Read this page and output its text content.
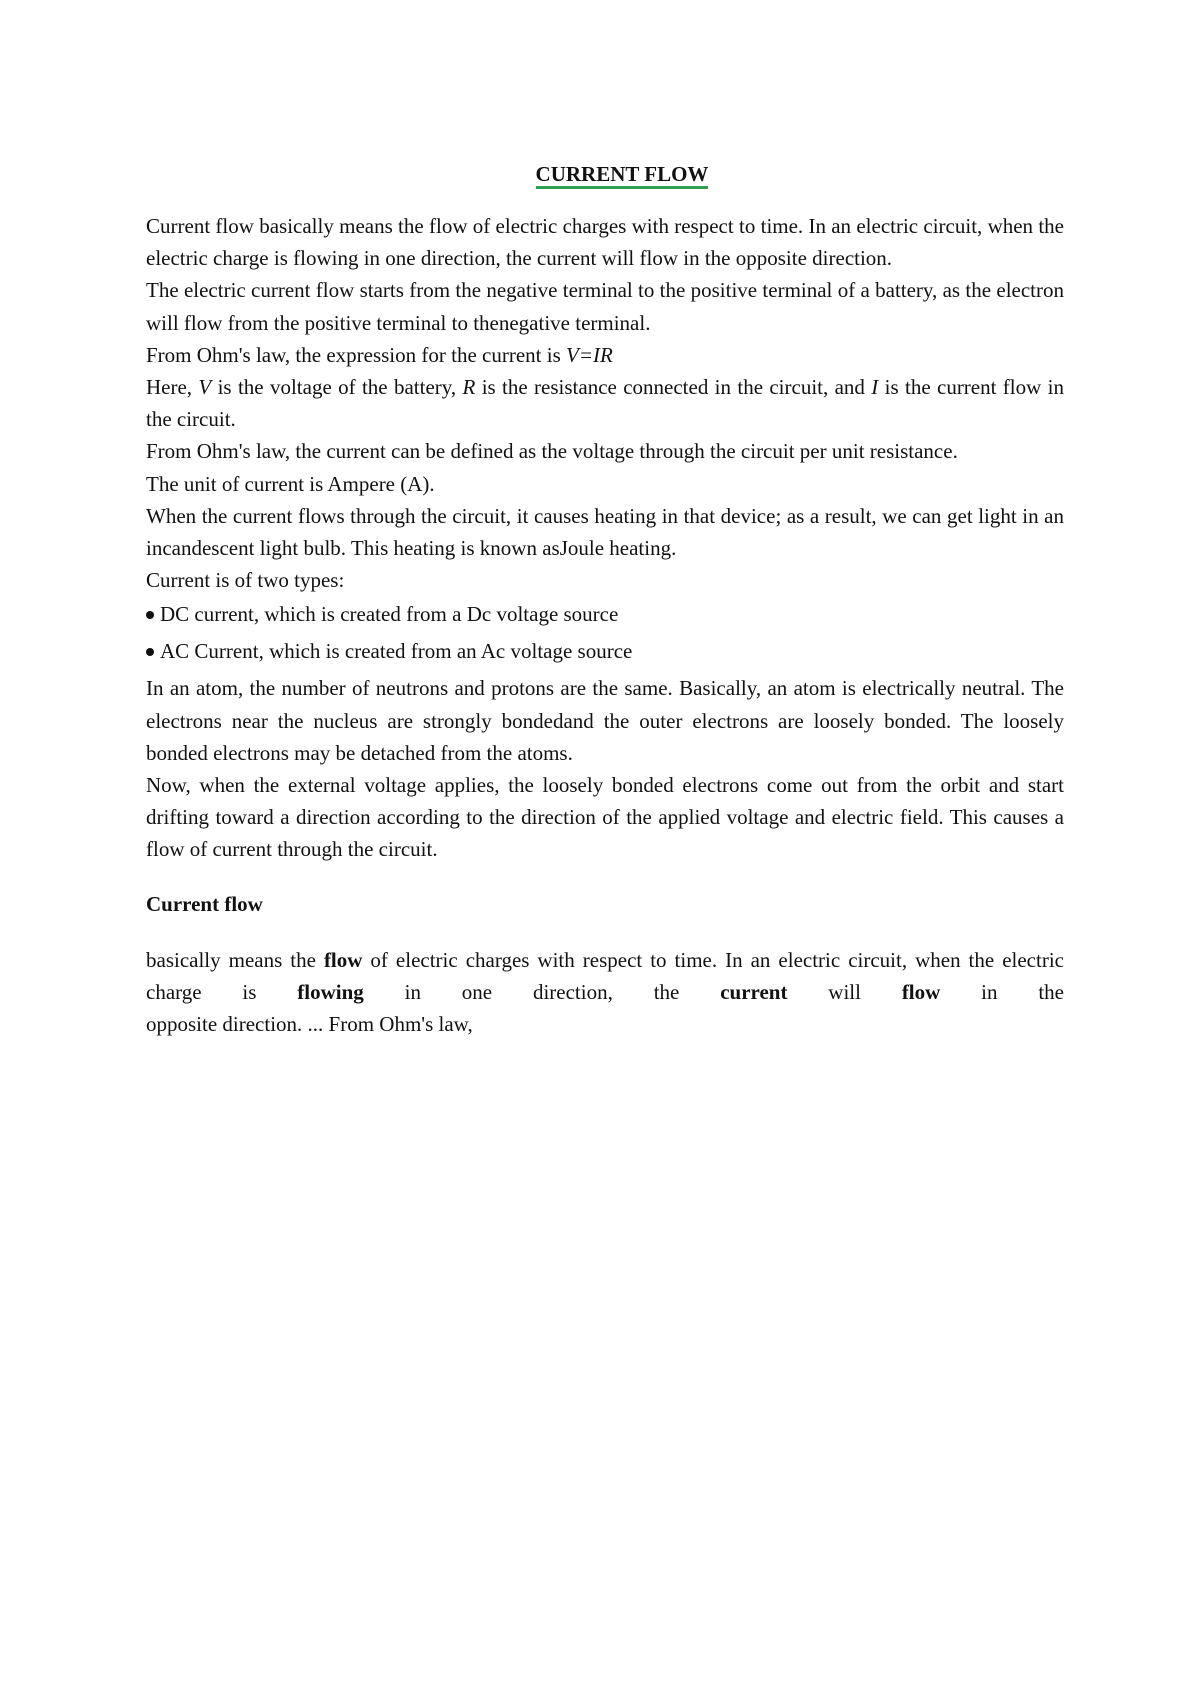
CURRENT FLOW

Current flow basically means the flow of electric charges with respect to time. In an electric circuit, when the electric charge is flowing in one direction, the current will flow in the opposite direction.

The electric current flow starts from the negative terminal to the positive terminal of a battery, as the electron will flow from the positive terminal to thenegative terminal.

From Ohm's law, the expression for the current is V=IR

Here, V is the voltage of the battery, R is the resistance connected in the circuit, and I is the current flow in the circuit.

From Ohm's law, the current can be defined as the voltage through the circuit per unit resistance.

The unit of current is Ampere (A).

When the current flows through the circuit, it causes heating in that device; as a result, we can get light in an incandescent light bulb. This heating is known asJoule heating.

Current is of two types:

DC current, which is created from a Dc voltage source
AC Current, which is created from an Ac voltage source

In an atom, the number of neutrons and protons are the same. Basically, an atom is electrically neutral. The electrons near the nucleus are strongly bondedand the outer electrons are loosely bonded. The loosely bonded electrons may be detached from the atoms.

Now, when the external voltage applies, the loosely bonded electrons come out from the orbit and start drifting toward a direction according to the direction of the applied voltage and electric field. This causes a flow of current through the circuit.

Current flow

basically means the flow of electric charges with respect to time. In an electric circuit, when the electric charge is flowing in one direction, the current will flow in the

opposite direction. ... From Ohm's law,
